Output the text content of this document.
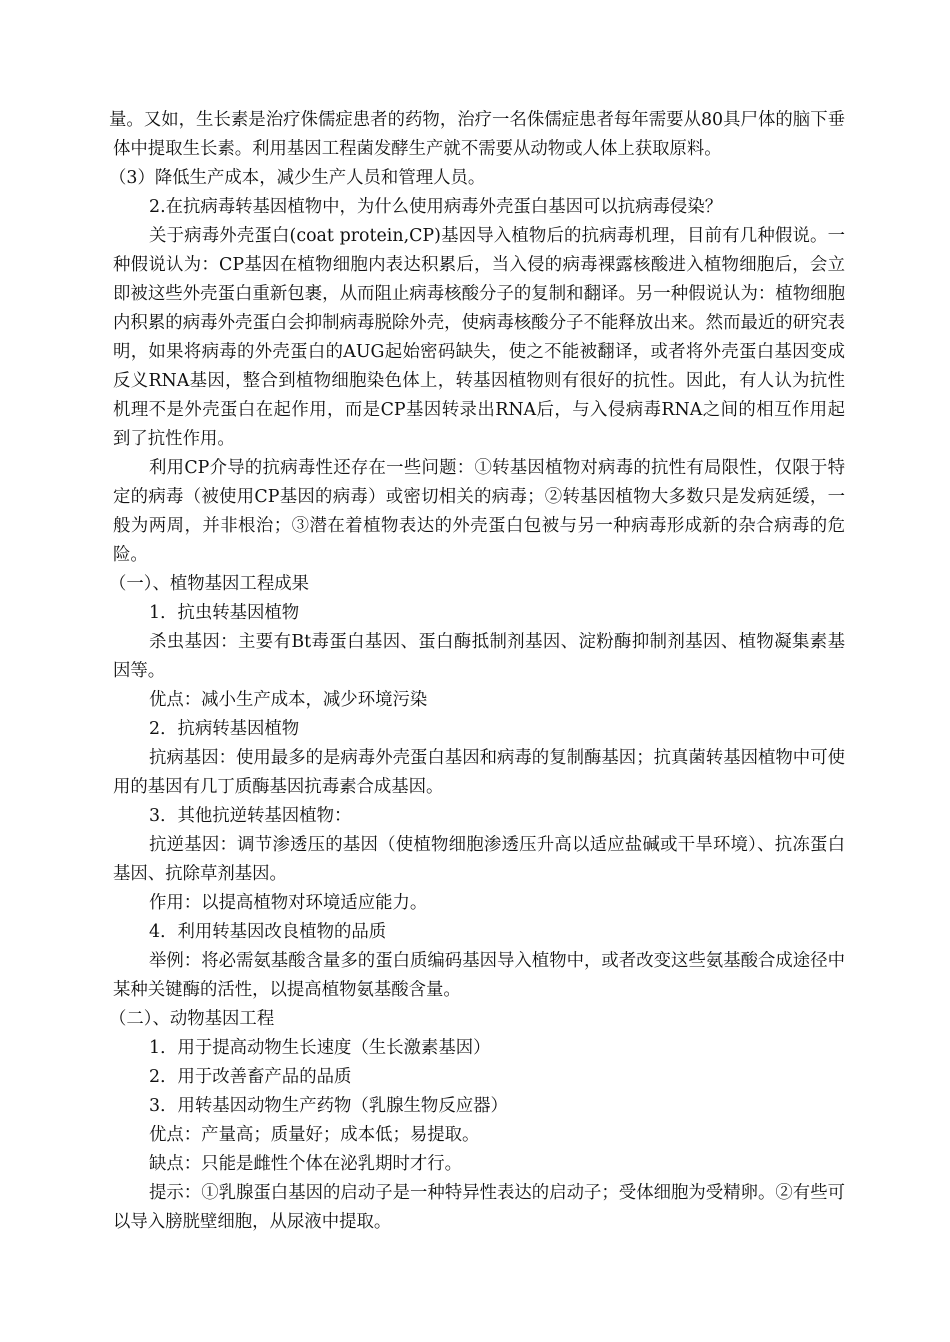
量。又如，生长素是治疗侏儒症患者的药物，治疗一名侏儒症患者每年需要从80具尸体的脑下垂体中提取生长素。利用基因工程菌发酵生产就不需要从动物或人体上获取原料。

（3）降低生产成本，减少生产人员和管理人员。

2.在抗病毒转基因植物中，为什么使用病毒外壳蛋白基因可以抗病毒侵染？

关于病毒外壳蛋白(coat protein,CP)基因导入植物后的抗病毒机理，目前有几种假说。一种假说认为：CP基因在植物细胞内表达积累后，当入侵的病毒裸露核酸进入植物细胞后，会立即被这些外壳蛋白重新包裹，从而阻止病毒核酸分子的复制和翻译。另一种假说认为：植物细胞内积累的病毒外壳蛋白会抑制病毒脱除外壳，使病毒核酸分子不能释放出来。然而最近的研究表明，如果将病毒的外壳蛋白的AUG起始密码缺失，使之不能被翻译，或者将外壳蛋白基因变成反义RNA基因，整合到植物细胞染色体上，转基因植物则有很好的抗性。因此，有人认为抗性机理不是外壳蛋白在起作用，而是CP基因转录出RNA后，与入侵病毒RNA之间的相互作用起到了抗性作用。

利用CP介导的抗病毒性还存在一些问题：①转基因植物对病毒的抗性有局限性，仅限于特定的病毒（被使用CP基因的病毒）或密切相关的病毒；②转基因植物大多数只是发病延缓，一般为两周，并非根治；③潜在着植物表达的外壳蛋白包被与另一种病毒形成新的杂合病毒的危险。

（一）、植物基因工程成果

1．抗虫转基因植物

杀虫基因：主要有Bt毒蛋白基因、蛋白酶抵制剂基因、淀粉酶抑制剂基因、植物凝集素基因等。

优点：减小生产成本，减少环境污染

2．抗病转基因植物

抗病基因：使用最多的是病毒外壳蛋白基因和病毒的复制酶基因；抗真菌转基因植物中可使用的基因有几丁质酶基因抗毒素合成基因。

3．其他抗逆转基因植物：

抗逆基因：调节渗透压的基因（使植物细胞渗透压升高以适应盐碱或干旱环境）、抗冻蛋白基因、抗除草剂基因。

作用：以提高植物对环境适应能力。

4．利用转基因改良植物的品质

举例：将必需氨基酸含量多的蛋白质编码基因导入植物中，或者改变这些氨基酸合成途径中某种关键酶的活性，以提高植物氨基酸含量。

（二）、动物基因工程

1．用于提高动物生长速度（生长激素基因）

2．用于改善畜产品的品质

3．用转基因动物生产药物（乳腺生物反应器）

优点：产量高；质量好；成本低；易提取。

缺点：只能是雌性个体在泌乳期时才行。

提示：①乳腺蛋白基因的启动子是一种特异性表达的启动子；受体细胞为受精卵。②有些可以导入膀胱壁细胞，从尿液中提取。
